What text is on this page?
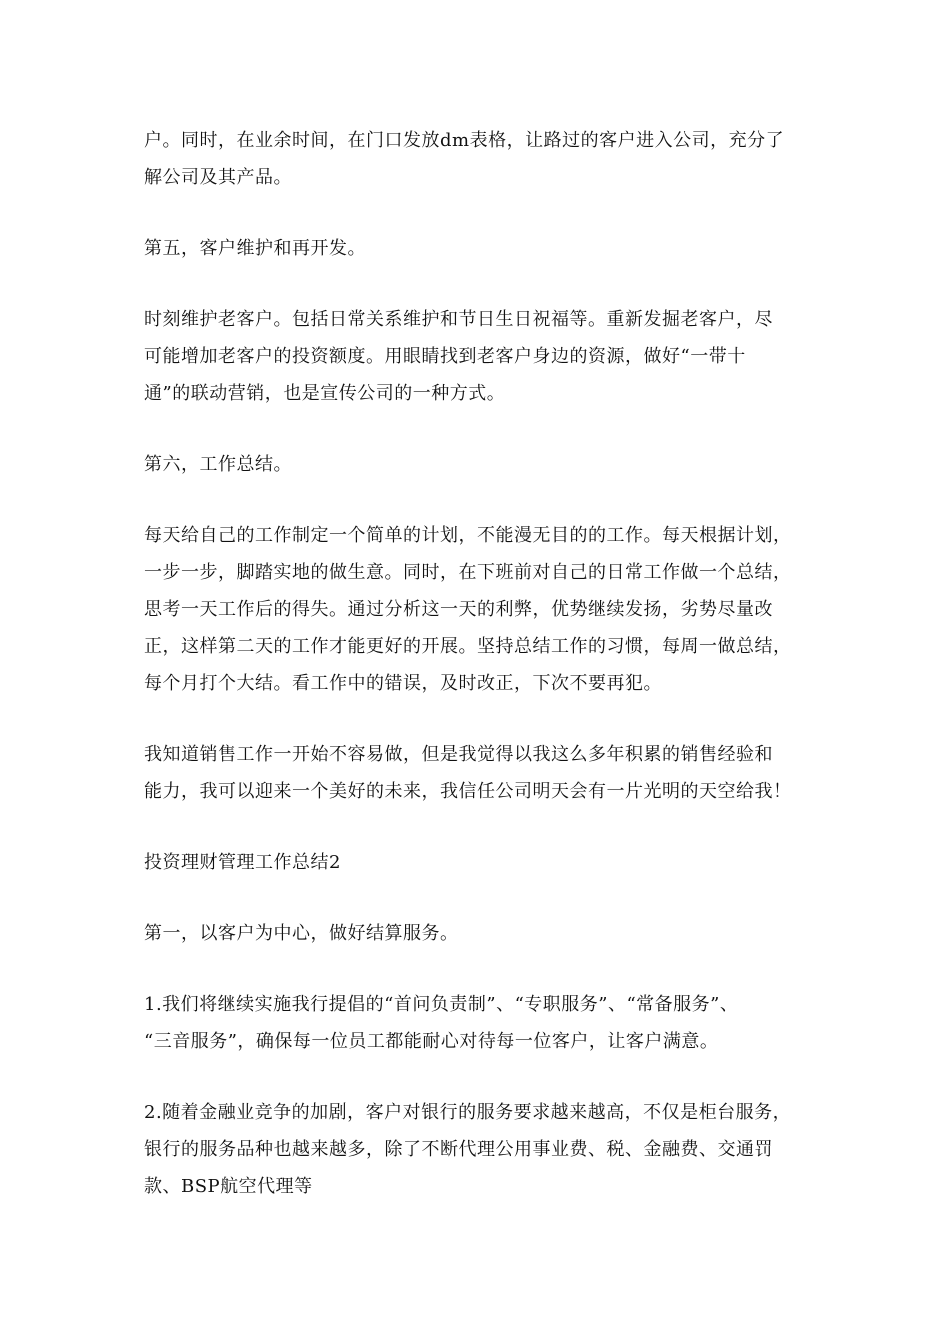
户。同时，在业余时间，在门口发放dm表格，让路过的客户进入公司，充分了
解公司及其产品。

第五，客户维护和再开发。

时刻维护老客户。包括日常关系维护和节日生日祝福等。重新发掘老客户，尽
可能增加老客户的投资额度。用眼睛找到老客户身边的资源，做好“一带十
通”的联动营销，也是宣传公司的一种方式。

第六，工作总结。

每天给自己的工作制定一个简单的计划，不能漫无目的的工作。每天根据计划，
一步一步，脚踏实地的做生意。同时，在下班前对自己的日常工作做一个总结，
思考一天工作后的得失。通过分析这一天的利弊，优势继续发扬，劣势尽量改
正，这样第二天的工作才能更好的开展。坚持总结工作的习惯，每周一做总结，
每个月打个大结。看工作中的错误，及时改正，下次不要再犯。

我知道销售工作一开始不容易做，但是我觉得以我这么多年积累的销售经验和
能力，我可以迎来一个美好的未来，我信任公司明天会有一片光明的天空给我！

投资理财管理工作总结2

第一，以客户为中心，做好结算服务。

1.我们将继续实施我行提倡的“首问负责制”、“专职服务”、“常备服务”、
“三音服务”，确保每一位员工都能耐心对待每一位客户，让客户满意。

2.随着金融业竞争的加剧，客户对银行的服务要求越来越高，不仅是柜台服务，
银行的服务品种也越来越多，除了不断代理公用事业费、税、金融费、交通罚
款、BSP航空代理等
